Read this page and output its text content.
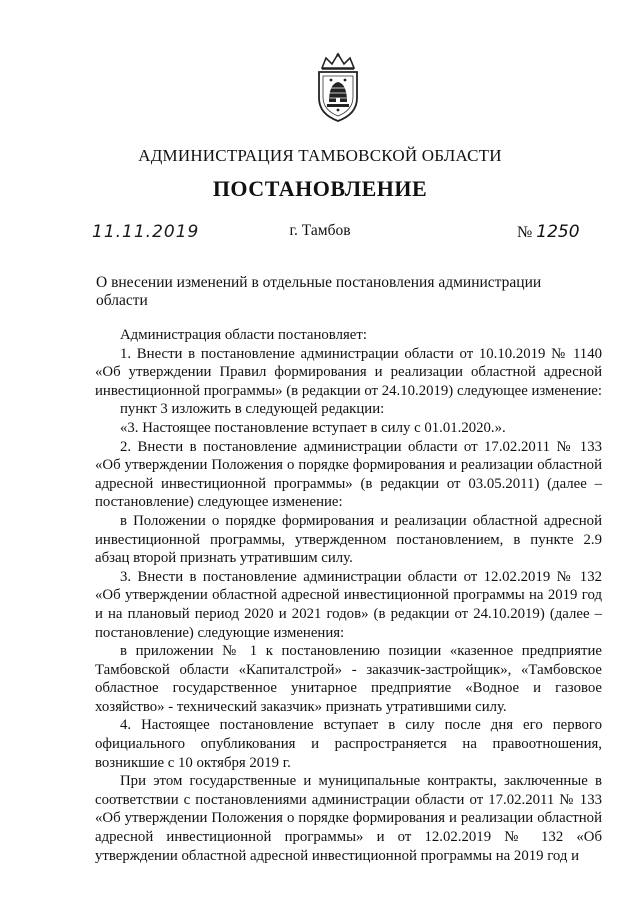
АДМИНИСТРАЦИЯ ТАМБОВСКОЙ ОБЛАСТИ
ПОСТАНОВЛЕНИЕ
11.11.2019	г. Тамбов	№ 1250
О внесении изменений в отдельные постановления администрации области

Администрация области постановляет:

1. Внести в постановление администрации области от 10.10.2019 № 1140 «Об утверждении Правил формирования и реализации областной адресной инвестиционной программы» (в редакции от 24.10.2019) следующее изменение:

пункт 3 изложить в следующей редакции:

«3. Настоящее постановление вступает в силу с 01.01.2020.».

2. Внести в постановление администрации области от 17.02.2011 № 133 «Об утверждении Положения о порядке формирования и реализации областной адресной инвестиционной программы» (в редакции от 03.05.2011) (далее – постановление) следующее изменение:

в Положении о порядке формирования и реализации областной адресной инвестиционной программы, утвержденном постановлением, в пункте 2.9 абзац второй признать утратившим силу.

3. Внести в постановление администрации области от 12.02.2019 № 132 «Об утверждении областной адресной инвестиционной программы на 2019 год и на плановый период 2020 и 2021 годов» (в редакции от 24.10.2019) (далее – постановление) следующие изменения:

в приложении № 1 к постановлению позиции «казенное предприятие Тамбовской области «Капиталстрой» - заказчик-застройщик», «Тамбовское областное государственное унитарное предприятие «Водное и газовое хозяйство» - технический заказчик» признать утратившими силу.

4. Настоящее постановление вступает в силу после дня его первого официального опубликования и распространяется на правоотношения, возникшие с 10 октября 2019 г.

При этом государственные и муниципальные контракты, заключенные в соответствии с постановлениями администрации области от 17.02.2011 № 133 «Об утверждении Положения о порядке формирования и реализации областной адресной инвестиционной программы» и от 12.02.2019 № 132 «Об утверждении областной адресной инвестиционной программы на 2019 год и
